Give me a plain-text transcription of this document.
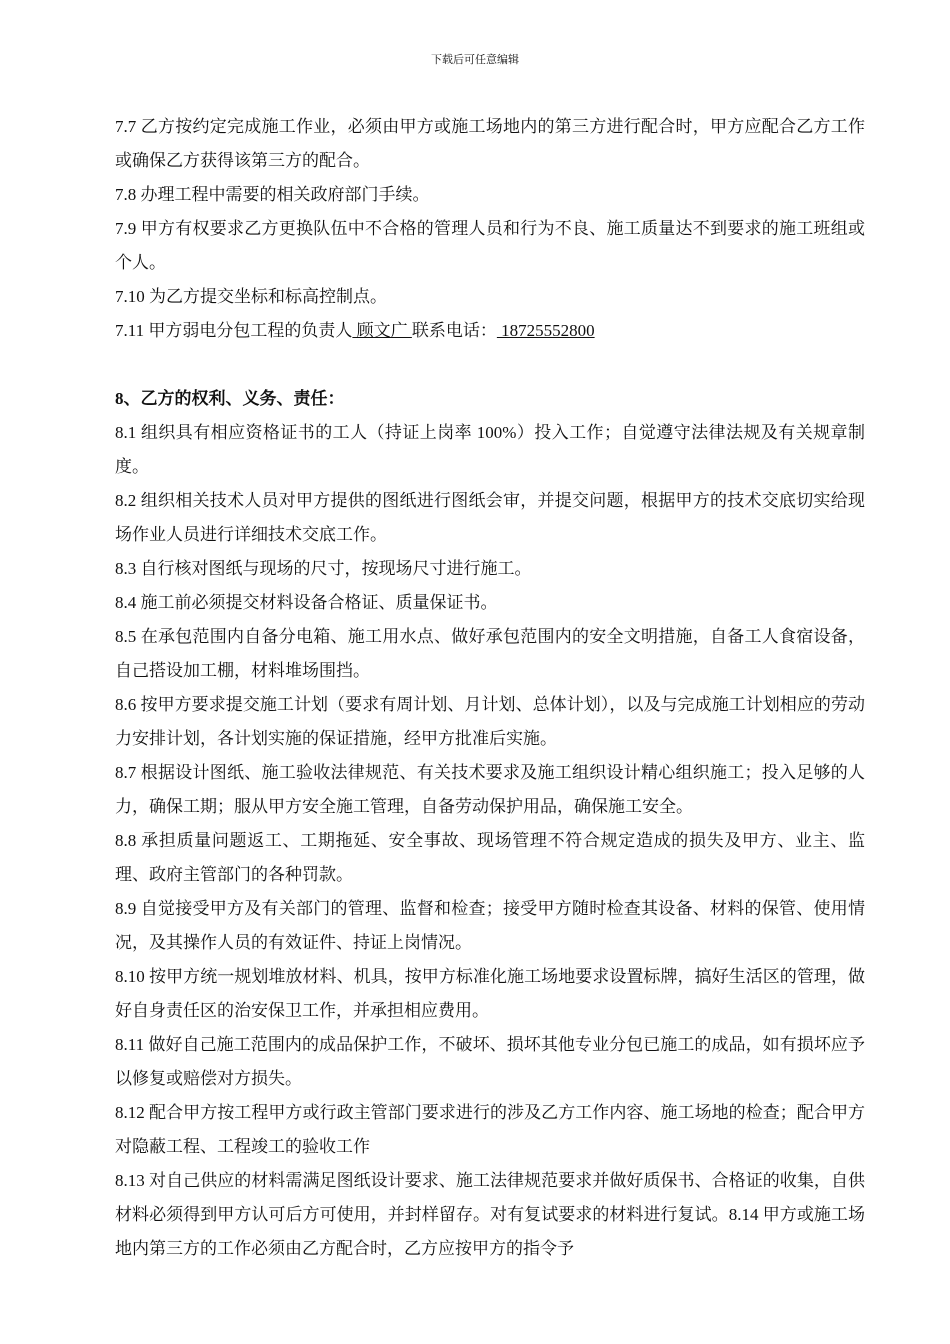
下载后可任意编辑

7.7 乙方按约定完成施工作业，必须由甲方或施工场地内的第三方进行配合时，甲方应配合乙方工作或确保乙方获得该第三方的配合。

7.8 办理工程中需要的相关政府部门手续。

7.9 甲方有权要求乙方更换队伍中不合格的管理人员和行为不良、施工质量达不到要求的施工班组或个人。

7.10 为乙方提交坐标和标高控制点。

7.11 甲方弱电分包工程的负责人 顾文广 联系电话： 18725552800

8、乙方的权利、义务、责任：

8.1 组织具有相应资格证书的工人（持证上岗率 100%）投入工作；自觉遵守法律法规及有关规章制度。

8.2 组织相关技术人员对甲方提供的图纸进行图纸会审，并提交问题，根据甲方的技术交底切实给现场作业人员进行详细技术交底工作。

8.3 自行核对图纸与现场的尺寸，按现场尺寸进行施工。

8.4 施工前必须提交材料设备合格证、质量保证书。

8.5 在承包范围内自备分电箱、施工用水点、做好承包范围内的安全文明措施，自备工人食宿设备，自己搭设加工棚，材料堆场围挡。

8.6 按甲方要求提交施工计划（要求有周计划、月计划、总体计划），以及与完成施工计划相应的劳动力安排计划，各计划实施的保证措施，经甲方批准后实施。

8.7 根据设计图纸、施工验收法律规范、有关技术要求及施工组织设计精心组织施工；投入足够的人力，确保工期；服从甲方安全施工管理，自备劳动保护用品，确保施工安全。

8.8 承担质量问题返工、工期拖延、安全事故、现场管理不符合规定造成的损失及甲方、业主、监理、政府主管部门的各种罚款。

8.9 自觉接受甲方及有关部门的管理、监督和检查；接受甲方随时检查其设备、材料的保管、使用情况，及其操作人员的有效证件、持证上岗情况。

8.10 按甲方统一规划堆放材料、机具，按甲方标准化施工场地要求设置标牌，搞好生活区的管理，做好自身责任区的治安保卫工作，并承担相应费用。

8.11 做好自己施工范围内的成品保护工作，不破坏、损坏其他专业分包已施工的成品，如有损坏应予以修复或赔偿对方损失。

8.12 配合甲方按工程甲方或行政主管部门要求进行的涉及乙方工作内容、施工场地的检查；配合甲方对隐蔽工程、工程竣工的验收工作

8.13 对自己供应的材料需满足图纸设计要求、施工法律规范要求并做好质保书、合格证的收集，自供材料必须得到甲方认可后方可使用，并封样留存。对有复试要求的材料进行复试。8.14 甲方或施工场地内第三方的工作必须由乙方配合时，乙方应按甲方的指令予
